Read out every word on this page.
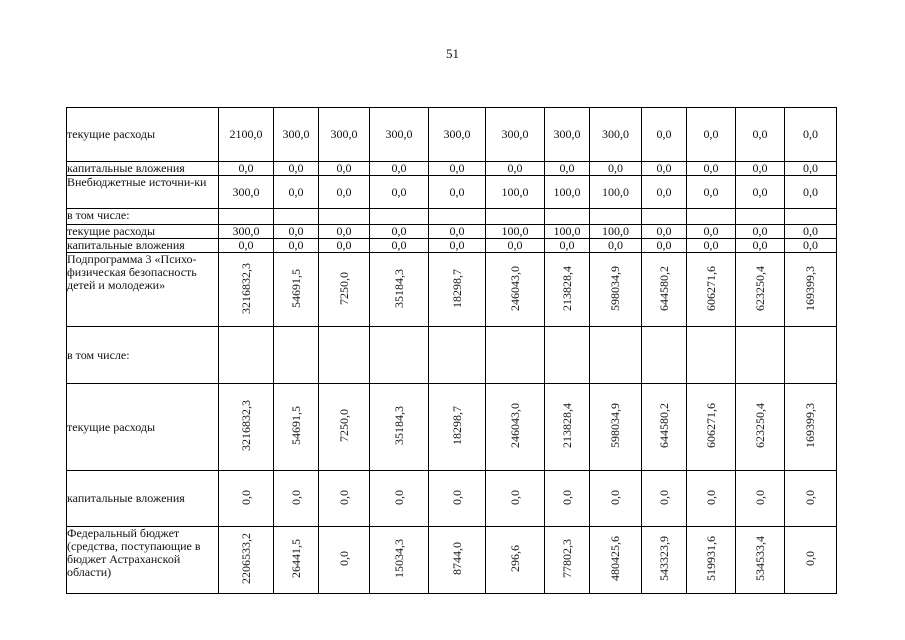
51
текущие расходы	2100,0	300,0	300,0	300,0	300,0	300,0	300,0	300,0	0,0	0,0	0,0	0,0
капитальные вложения	0,0	0,0	0,0	0,0	0,0	0,0	0,0	0,0	0,0	0,0	0,0	0,0
Внебюджетные источни-ки	300,0	0,0	0,0	0,0	0,0	100,0	100,0	100,0	0,0	0,0	0,0	0,0
в том числе:												
текущие расходы	300,0	0,0	0,0	0,0	0,0	100,0	100,0	100,0	0,0	0,0	0,0	0,0
капитальные вложения	0,0	0,0	0,0	0,0	0,0	0,0	0,0	0,0	0,0	0,0	0,0	0,0
Подпрограмма 3 «Психо-физическая безопасность детей и молодежи»	3216832,3	54691,5	7250,0	35184,3	18298,7	246043,0	213828,4	598034,9	644580,2	606271,6	623250,4	169399,3
в том числе:												
текущие расходы	3216832,3	54691,5	7250,0	35184,3	18298,7	246043,0	213828,4	598034,9	644580,2	606271,6	623250,4	169399,3
капитальные вложения	0,0	0,0	0,0	0,0	0,0	0,0	0,0	0,0	0,0	0,0	0,0	0,0
Федеральный бюджет (средства, поступающие в бюджет Астраханской области)	2206533,2	26441,5	0,0	15034,3	8744,0	296,6	77802,3	480425,6	543323,9	519931,6	534533,4	0,0
